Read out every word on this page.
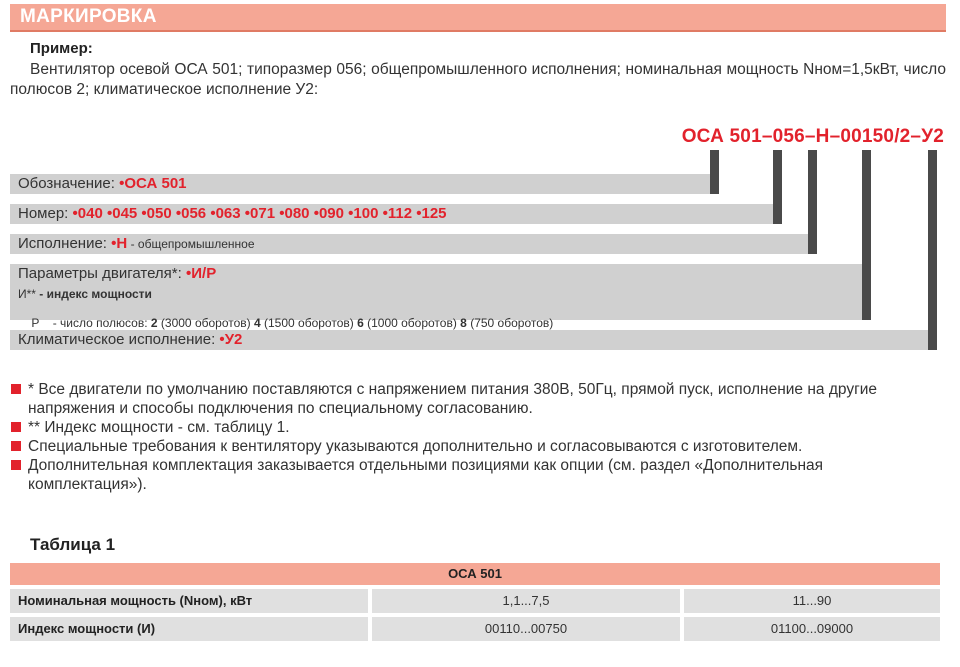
МАРКИРОВКА
Пример:
Вентилятор осевой ОСА 501; типоразмер 056; общепромышленного исполнения; номинальная мощность Nном=1,5кВт, число полюсов 2; климатическое исполнение У2:
ОСА 501–056–Н–00150/2–У2
Обозначение: •ОСА 501
Номер: •040 •045 •050 •056 •063 •071 •080 •090 •100 •112 •125
Исполнение: •Н - общепромышленное
Параметры двигателя*: •И/Р
И** - индекс мощности

Р    - число полюсов: 2 (3000 оборотов) 4 (1500 оборотов) 6 (1000 оборотов) 8 (750 оборотов)

Климатическое исполнение: •У2
* Все двигатели по умолчанию поставляются с напряжением питания 380В, 50Гц, прямой пуск, исполнение на другие напряжения и способы подключения по специальному согласованию.
** Индекс мощности - см. таблицу 1.
Специальные требования к вентилятору указываются дополнительно и согласовываются с изготовителем.
Дополнительная комплектация заказывается отдельными позициями как опции (см. раздел «Дополнительная комплектация»).
Таблица 1
ОСА 501
Номинальная мощность (Nном), кВт	1,1...7,5	11...90
Индекс мощности (И)	00110...00750	01100...09000
